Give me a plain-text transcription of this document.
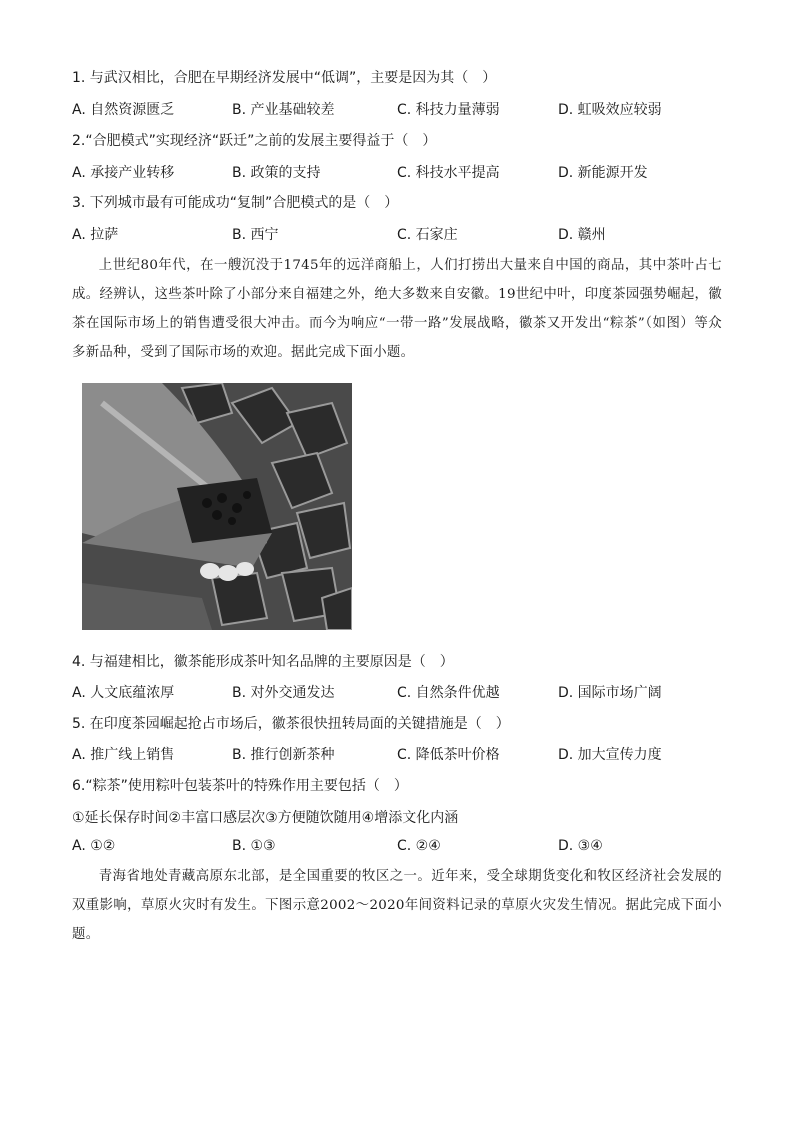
1. 与武汉相比，合肥在早期经济发展中“低调”，主要是因为其（　）
A. 自然资源匮乏	B. 产业基础较差	C. 科技力量薄弱	D. 虹吸效应较弱
2.“合肥模式”实现经济“跃迁”之前的发展主要得益于（　）
A. 承接产业转移	B. 政策的支持	C. 科技水平提高	D. 新能源开发
3. 下列城市最有可能成功“复制”合肥模式的是（　）
A. 拉萨	B. 西宁	C. 石家庄	D. 赣州

上世纪80年代，在一艘沉没于1745年的远洋商船上，人们打捞出大量来自中国的商品，其中茶叶占七成。经辨认，这些茶叶除了小部分来自福建之外，绝大多数来自安徽。19世纪中叶，印度茶园强势崛起，徽茶在国际市场上的销售遭受很大冲击。而今为响应“一带一路”发展战略，徽茶又开发出“粽茶”（如图）等众多新品种，受到了国际市场的欢迎。据此完成下面小题。

4. 与福建相比，徽茶能形成茶叶知名品牌的主要原因是（　）
A. 人文底蕴浓厚	B. 对外交通发达	C. 自然条件优越	D. 国际市场广阔
5. 在印度茶园崛起抢占市场后，徽茶很快扭转局面的关键措施是（　）
A. 推广线上销售	B. 推行创新茶种	C. 降低茶叶价格	D. 加大宣传力度
6.“粽茶”使用粽叶包装茶叶的特殊作用主要包括（　）
①延长保存时间②丰富口感层次③方便随饮随用④增添文化内涵
A. ①②	B. ①③	C. ②④	D. ③④

青海省地处青藏高原东北部，是全国重要的牧区之一。近年来，受全球期货变化和牧区经济社会发展的双重影响，草原火灾时有发生。下图示意2002～2020年间资料记录的草原火灾发生情况。据此完成下面小题。
